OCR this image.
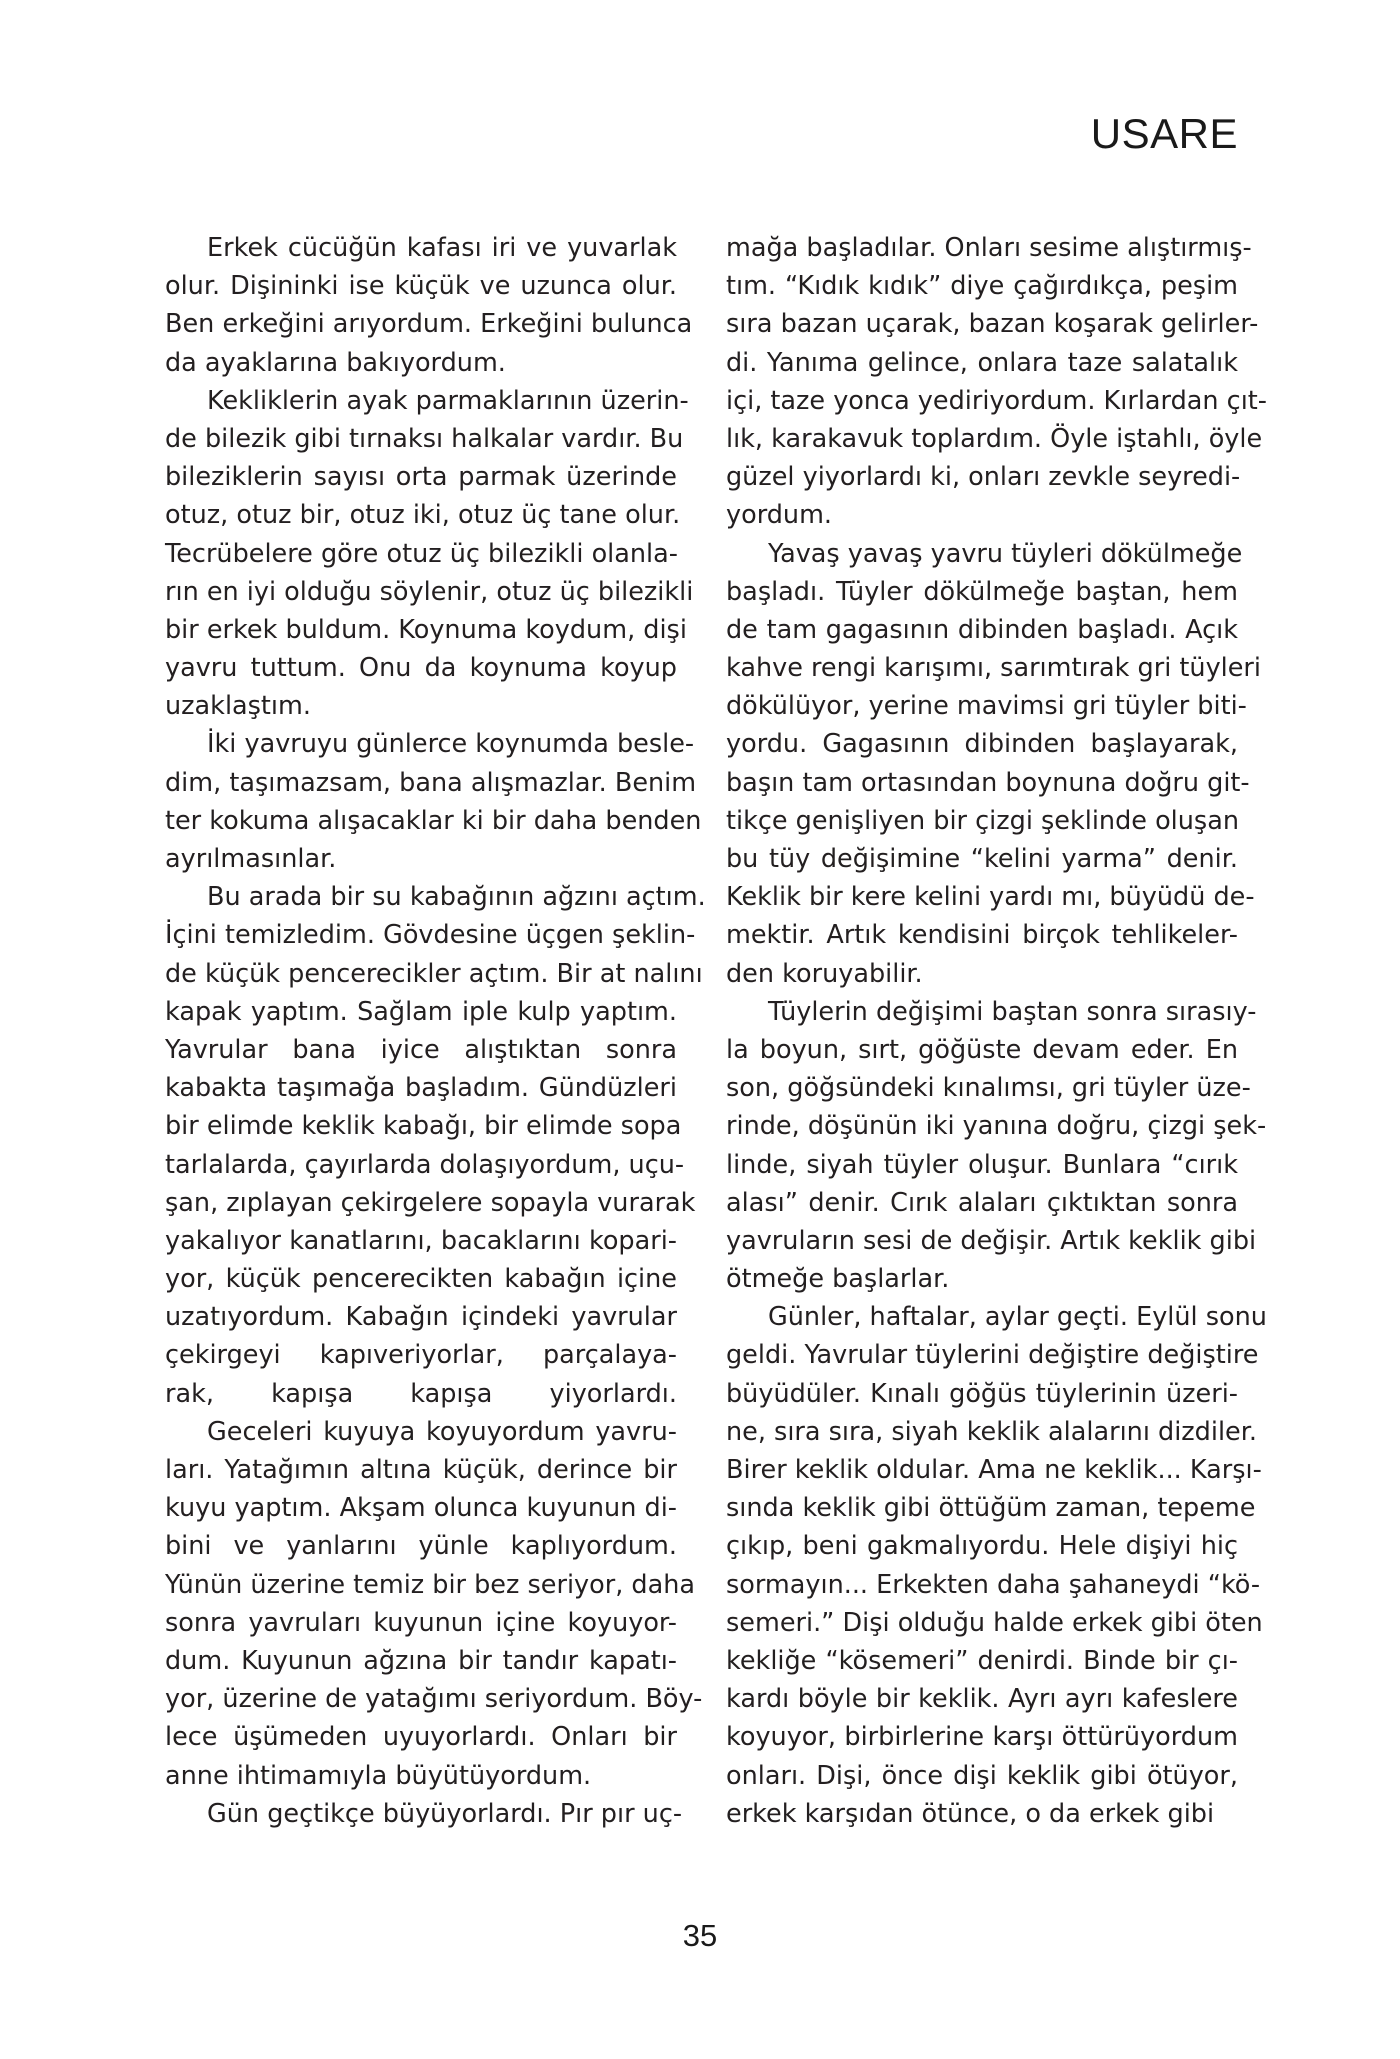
USARE
Erkek cücüğün kafası iri ve yuvarlak
olur. Dişininki ise küçük ve uzunca olur.
Ben erkeğini arıyordum. Erkeğini bulunca
da ayaklarına bakıyordum.
Kekliklerin ayak parmaklarının üzerin-
de bilezik gibi tırnaksı halkalar vardır. Bu
bileziklerin sayısı orta parmak üzerinde
otuz, otuz bir, otuz iki, otuz üç tane olur.
Tecrübelere göre otuz üç bilezikli olanla-
rın en iyi olduğu söylenir, otuz üç bilezikli
bir erkek buldum. Koynuma koydum, dişi
yavru tuttum. Onu da koynuma koyup
uzaklaştım.
İki yavruyu günlerce koynumda besle-
dim, taşımazsam, bana alışmazlar. Benim
ter kokuma alışacaklar ki bir daha benden
ayrılmasınlar.
Bu arada bir su kabağının ağzını açtım.
İçini temizledim. Gövdesine üçgen şeklin-
de küçük pencerecikler açtım. Bir at nalını
kapak yaptım. Sağlam iple kulp yaptım.
Yavrular bana iyice alıştıktan sonra
kabakta taşımağa başladım. Gündüzleri
bir elimde keklik kabağı, bir elimde sopa
tarlalarda, çayırlarda dolaşıyordum, uçu-
şan, zıplayan çekirgelere sopayla vurarak
yakalıyor kanatlarını, bacaklarını kopari-
yor, küçük pencerecikten kabağın içine
uzatıyordum. Kabağın içindeki yavrular
çekirgeyi kapıveriyorlar, parçalaya-
rak, kapışa kapışa yiyorlardı.
Geceleri kuyuya koyuyordum yavru-
ları. Yatağımın altına küçük, derince bir
kuyu yaptım. Akşam olunca kuyunun di-
bini ve yanlarını yünle kaplıyordum.
Yünün üzerine temiz bir bez seriyor, daha
sonra yavruları kuyunun içine koyuyor-
dum. Kuyunun ağzına bir tandır kapatı-
yor, üzerine de yatağımı seriyordum. Böy-
lece üşümeden uyuyorlardı. Onları bir
anne ihtimamıyla büyütüyordum.
Gün geçtikçe büyüyorlardı. Pır pır uç-
mağa başladılar. Onları sesime alıştırmış-
tım. “Kıdık kıdık” diye çağırdıkça, peşim
sıra bazan uçarak, bazan koşarak gelirler-
di. Yanıma gelince, onlara taze salatalık
içi, taze yonca yediriyordum. Kırlardan çıt-
lık, karakavuk toplardım. Öyle iştahlı, öyle
güzel yiyorlardı ki, onları zevkle seyredi-
yordum.
Yavaş yavaş yavru tüyleri dökülmeğe
başladı. Tüyler dökülmeğe baştan, hem
de tam gagasının dibinden başladı. Açık
kahve rengi karışımı, sarımtırak gri tüyleri
dökülüyor, yerine mavimsi gri tüyler biti-
yordu. Gagasının dibinden başlayarak,
başın tam ortasından boynuna doğru git-
tikçe genişliyen bir çizgi şeklinde oluşan
bu tüy değişimine “kelini yarma” denir.
Keklik bir kere kelini yardı mı, büyüdü de-
mektir. Artık kendisini birçok tehlikeler-
den koruyabilir.
Tüylerin değişimi baştan sonra sırasıy-
la boyun, sırt, göğüste devam eder. En
son, göğsündeki kınalımsı, gri tüyler üze-
rinde, döşünün iki yanına doğru, çizgi şek-
linde, siyah tüyler oluşur. Bunlara “cırık
alası” denir. Cırık alaları çıktıktan sonra
yavruların sesi de değişir. Artık keklik gibi
ötmeğe başlarlar.
Günler, haftalar, aylar geçti. Eylül sonu
geldi. Yavrular tüylerini değiştire değiştire
büyüdüler. Kınalı göğüs tüylerinin üzeri-
ne, sıra sıra, siyah keklik alalarını dizdiler.
Birer keklik oldular. Ama ne keklik... Karşı-
sında keklik gibi öttüğüm zaman, tepeme
çıkıp, beni gakmalıyordu. Hele dişiyi hiç
sormayın... Erkekten daha şahaneydi “kö-
semeri.” Dişi olduğu halde erkek gibi öten
kekliğe “kösemeri” denirdi. Binde bir çı-
kardı böyle bir keklik. Ayrı ayrı kafeslere
koyuyor, birbirlerine karşı öttürüyordum
onları. Dişi, önce dişi keklik gibi ötüyor,
erkek karşıdan ötünce, o da erkek gibi
35
